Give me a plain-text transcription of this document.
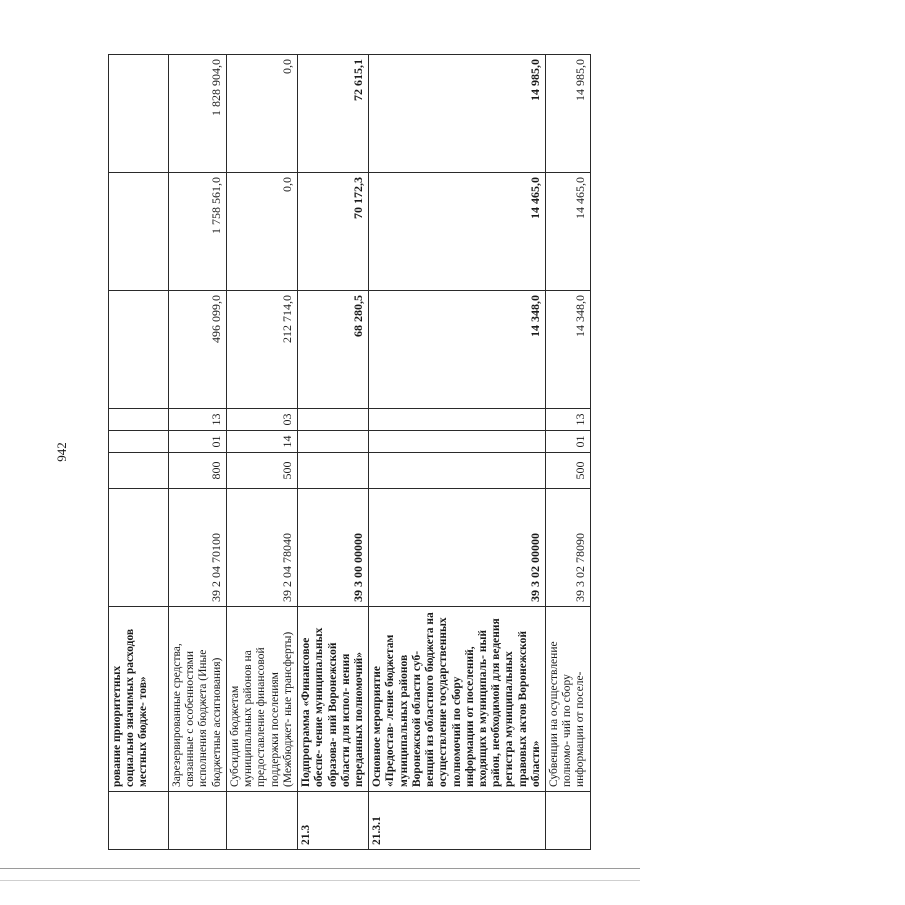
942
	рование приоритетных социально значимых расходов местных бюдже- тов»							
	Зарезервированные средства, связанные с особенностями исполнения бюджета (Иные бюджетные ассигнования)	39 2 04 70100	800	01	13	496 099,0	1 758 561,0	1 828 904,0
	Субсидии бюджетам муниципальных районов на предоставление финансовой поддержки поселениям (Межбюджет- ные трансферты)	39 2 04 78040	500	14	03	212 714,0	0,0	0,0
21.3	Подпрограмма «Финансовое обеспе- чение муниципальных образова- ний Воронежской области для испол- нения переданных полномочий»	39 3 00 00000				68 280,5	70 172,3	72 615,1
21.3.1	Основное мероприятие «Предостав- ление бюджетам муниципальных районов Воронежской области суб- венций из областного бюджета на осуществление государственных полномочий по сбору информации от поселений, входящих в муниципаль- ный район, необходимой для ведения регистра муниципальных правовых актов Воронежской области»	39 3 02 00000				14 348,0	14 465,0	14 985,0
	Субвенции на осуществление полномо- чий по сбору информации от поселе-	39 3 02 78090	500	01	13	14 348,0	14 465,0	14 985,0
